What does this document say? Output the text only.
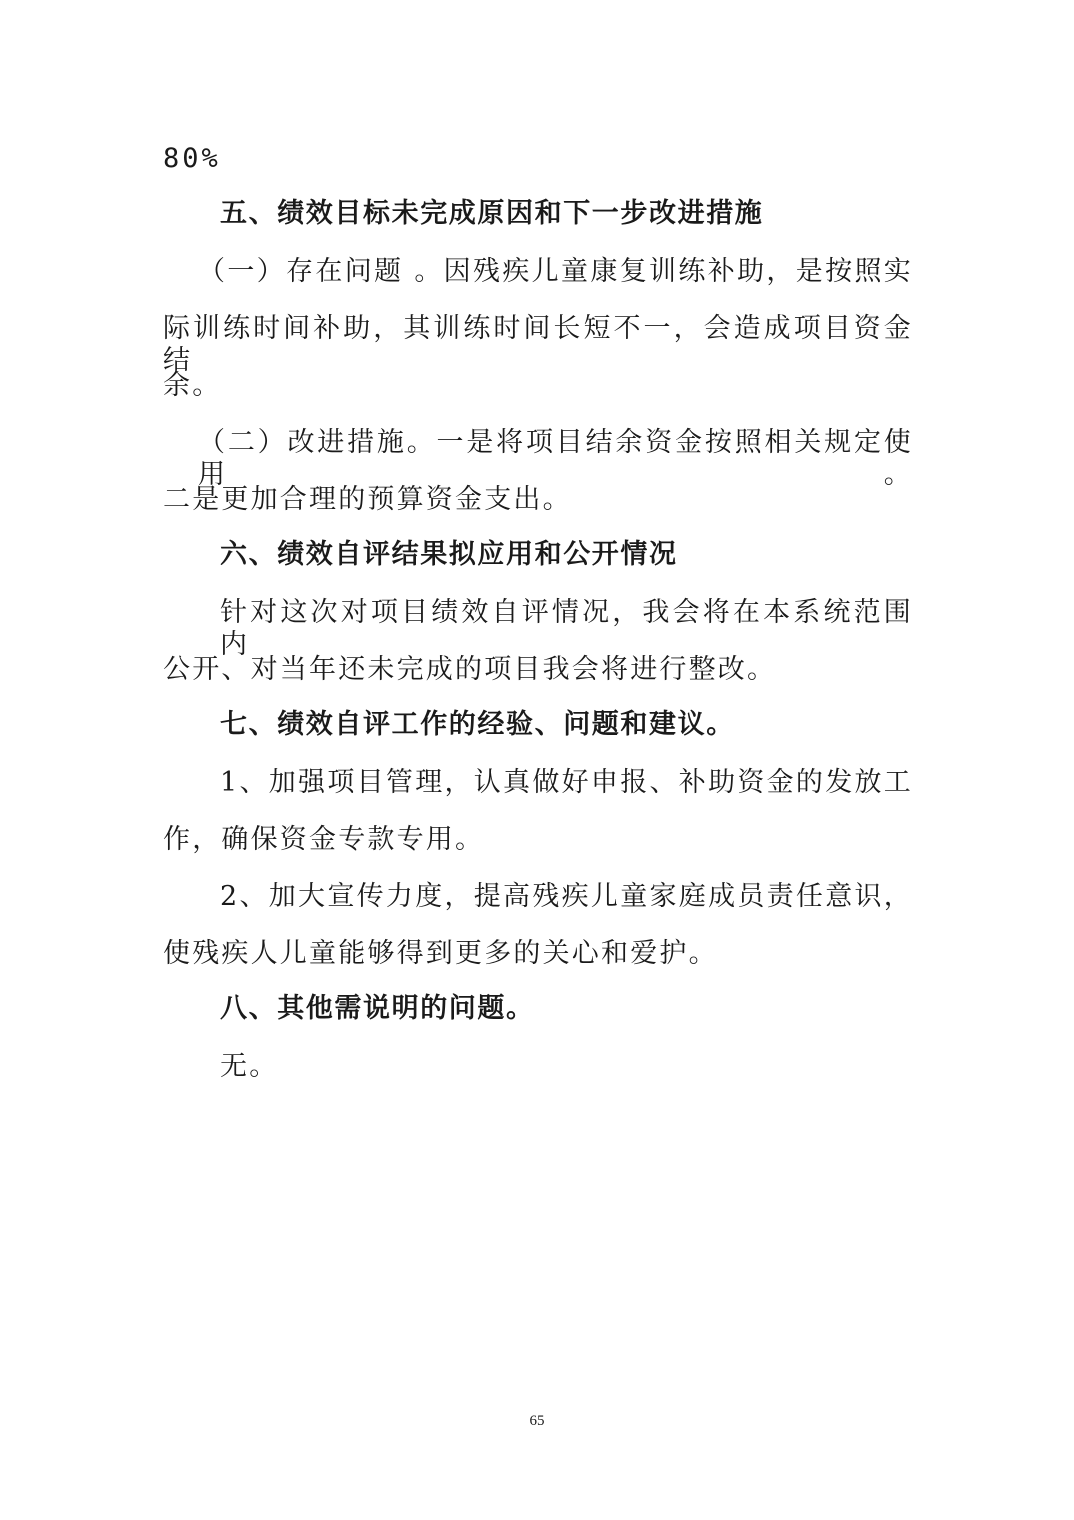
80%
五、绩效目标未完成原因和下一步改进措施
（一）存在问题 。因残疾儿童康复训练补助，是按照实
际训练时间补助，其训练时间长短不一，会造成项目资金结
余。
（二）改进措施。一是将项目结余资金按照相关规定使用。
二是更加合理的预算资金支出。
六、绩效自评结果拟应用和公开情况
针对这次对项目绩效自评情况，我会将在本系统范围内
公开、对当年还未完成的项目我会将进行整改。
七、绩效自评工作的经验、问题和建议。
1、加强项目管理，认真做好申报、补助资金的发放工
作，确保资金专款专用。
2、加大宣传力度，提高残疾儿童家庭成员责任意识，
使残疾人儿童能够得到更多的关心和爱护。
八、其他需说明的问题。
无。
65
